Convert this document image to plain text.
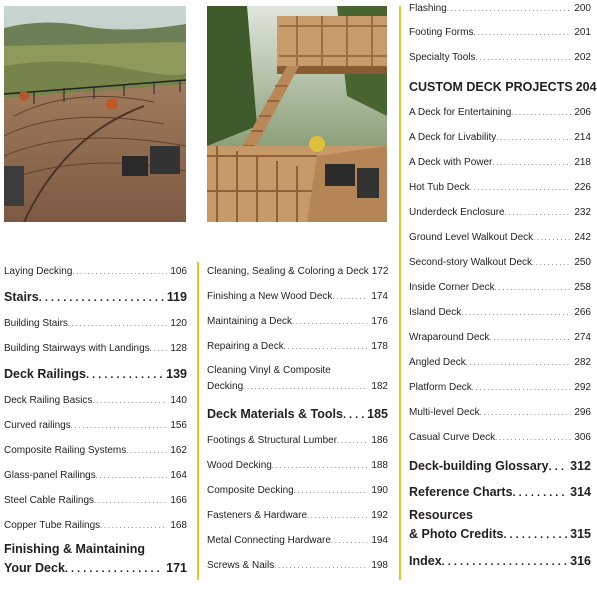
Laying Decking . . .	106
Stairs . . .	119
Building Stairs . . .	120
Building Stairways with Landings . . .	128
Deck Railings . . .	139
Deck Railing Basics . . .	140
Curved railings . . .	156
Composite Railing Systems . . .	162
Glass-panel Railings . . .	164
Steel Cable Railings . . .	166
Copper Tube Railings . . .	168
Finishing & Maintaining
Your Deck . . .	171
Cleaning, Sealing & Coloring a Deck 172
Finishing a New Wood Deck . . .	174
Maintaining a Deck . . .	176
Repairing a Deck . . .	178
Cleaning Vinyl & Composite
Decking . . .	182
Deck Materials & Tools . . . 185
Footings & Structural Lumber . . .	186
Wood Decking . . .	188
Composite Decking . . .	190
Fasteners & Hardware . . .	192
Metal Connecting Hardware . . .	194
Screws & Nails . . .	198
Flashing . . .	200
Footing Forms . . .	201
Specialty Tools . . .	202
CUSTOM DECK PROJECTS 204
A Deck for Entertaining . . .	206
A Deck for Livability . . .	214
A Deck with Power . . .	218
Hot Tub Deck . . .	226
Underdeck Enclosure . . .	232
Ground Level Walkout Deck . . .	242
Second-story Walkout Deck . . .	250
Inside Corner Deck . . .	258
Island Deck . . .	266
Wraparound Deck . . .	274
Angled Deck . . .	282
Platform Deck . . .	292
Multi-level Deck . . .	296
Casual Curve Deck . . .	306
Deck-building Glossary . . . 312
Reference Charts . . .	314
Resources
& Photo Credits . . .	315
Index . . .	316
